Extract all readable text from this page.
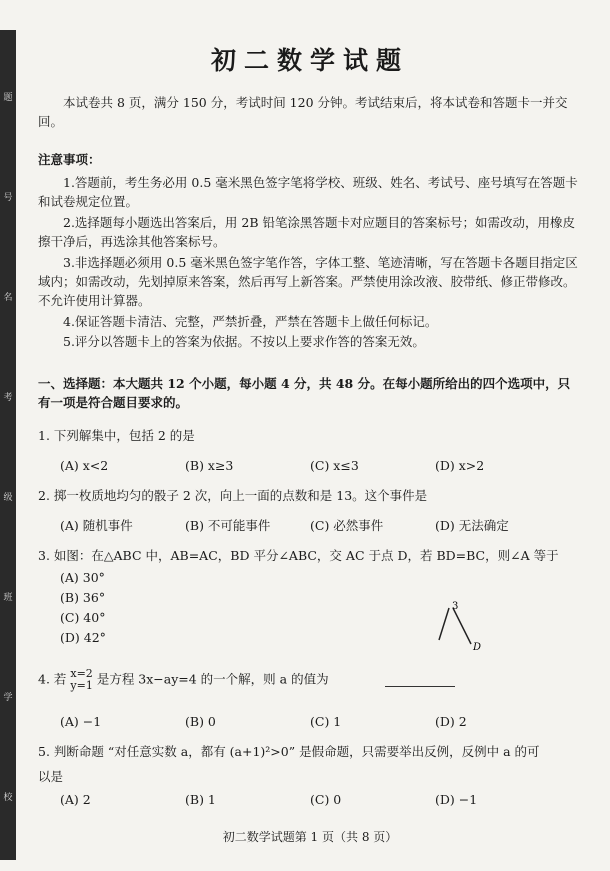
题
号
名
考
级
班
学
校
初二数学试题
本试卷共 8 页，满分 150 分，考试时间 120 分钟。考试结束后，将本试卷和答题卡一并交回。
注意事项：

1.答题前，考生务必用 0.5 毫米黑色签字笔将学校、班级、姓名、考试号、座号填写在答题卡和试卷规定位置。

2.选择题每小题选出答案后，用 2B 铅笔涂黑答题卡对应题目的答案标号；如需改动，用橡皮擦干净后，再选涂其他答案标号。

3.非选择题必须用 0.5 毫米黑色签字笔作答，字体工整、笔迹清晰，写在答题卡各题目指定区域内；如需改动，先划掉原来答案，然后再写上新答案。严禁使用涂改液、胶带纸、修正带修改。不允许使用计算器。

4.保证答题卡清洁、完整，严禁折叠，严禁在答题卡上做任何标记。

5.评分以答题卡上的答案为依据。不按以上要求作答的答案无效。

一、选择题：本大题共 12 个小题，每小题 4 分，共 48 分。在每小题所给出的四个选项中，只有一项是符合题目要求的。
1. 下列解集中，包括 2 的是
(A) x<2	(B) x≥3	(C) x≤3	(D) x>2
2. 掷一枚质地均匀的骰子 2 次，向上一面的点数和是 13。这个事件是
(A) 随机事件	(B) 不可能事件	(C) 必然事件	(D) 无法确定
3. 如图：在△ABC 中，AB=AC，BD 平分∠ABC，交 AC 于点 D，若 BD=BC，则∠A 等于
(A) 30°
(B) 36°
(C) 40°
(D) 42°
3
D
4. 若 x=2
y=1 是方程 3x−ay=4 的一个解，则 a 的值为
(A) −1	(B) 0	(C) 1	(D) 2
5. 判断命题 “对任意实数 a，都有 (a+1)²>0” 是假命题，只需要举出反例，反例中 a 的可
以是
(A) 2	(B) 1	(C) 0	(D) −1
初二数学试题第 1 页（共 8 页）
